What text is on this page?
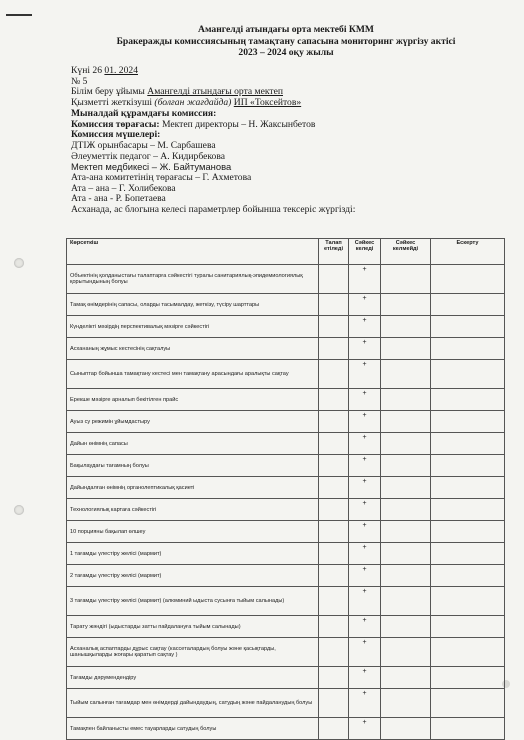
Амангелді атындағы орта мектебі КММ
Бракеражды комиссиясының тамақтану сапасына мониторинг жүргізу актісі
2023 – 2024 оқу жылы
Күні 26 01. 2024
№ 5
Білім беру ұйымы Амангелді атындағы орта мектеп
Қызметті жеткізуші (болған жағдайда) ИП «Токсейтов»
Мыналдай құрамдағы комиссия:
Комиссия төрағасы: Мектеп директоры – Н. Жаксынбетов
Комиссия мүшелері:
ДТІЖ орынбасары – М. Сарбашева
Әлеуметтік педагог – А. Кидирбекова
Мектеп медбикесі – Ж. Байтуманова
Ата-ана комитетінің төрағасы – Г. Ахметова
Ата – ана – Г. Холибекова
Ата - ана - Р. Бопетаева
Асханада, ас блогына келесі параметрлер бойынша тексеріс жүргізді:
Көрсеткіш	Талап етіледі	Сәйкес келеді	Сәйкес келмейді	Ескерту
Объектінің қолданыстағы талаптарға сәйкестігі туралы санитариялық-эпидемиологиялық қорытындының болуы		+		
Тамақ өнімдерінің сапасы, оларды тасымалдау, жеткізу, түсіру шарттары		+		
Күнделікті мәзірдің перспективалық мәзірге сәйкестігі		+		
Асхананың жұмыс кестесінің сақталуы		+		
Сыныптар бойынша тамақтану кестесі мен тамақтану арасындағы аралықты сақтау		+		
Ерекше мәзірге арналып бекітілген прайс		+		
Ауыз су режимін ұйымдастыру		+		
Дайын өнімнің сапасы		+		
Бақылаудағы тағамның болуы		+		
Дайындалған өнімнің органолептикалық қасиеті		+		
Технологиялық картаға сәйкестігі		+		
10 порцияны бақылап өлшеу		+		
1 тағамды үлестіру желісі (мармит)		+		
2 тағамды үлестіру желісі (мармит)		+		
3 тағамды үлестіру желісі (мармит) (алюминий ыдыста сусынға тыйым салынады)		+		
Тарату жәндігі (ыдыстарды затты пайдалануға тыйым салынады)		+		
Асханалық аспаптарды дұрыс сақтау (кассеталардың болуы және қасықтарды, шанышқыларды жоғары қаратып сақтау )		+		
Тағамды дәрумендендіру		+		
Тыйым салынған тағамдар мен өнімдерді дайындаудың, сатудың және пайдаланудың болуы		+		
Тамақпен байланысты емес тауарларды сатудың болуы		+		
